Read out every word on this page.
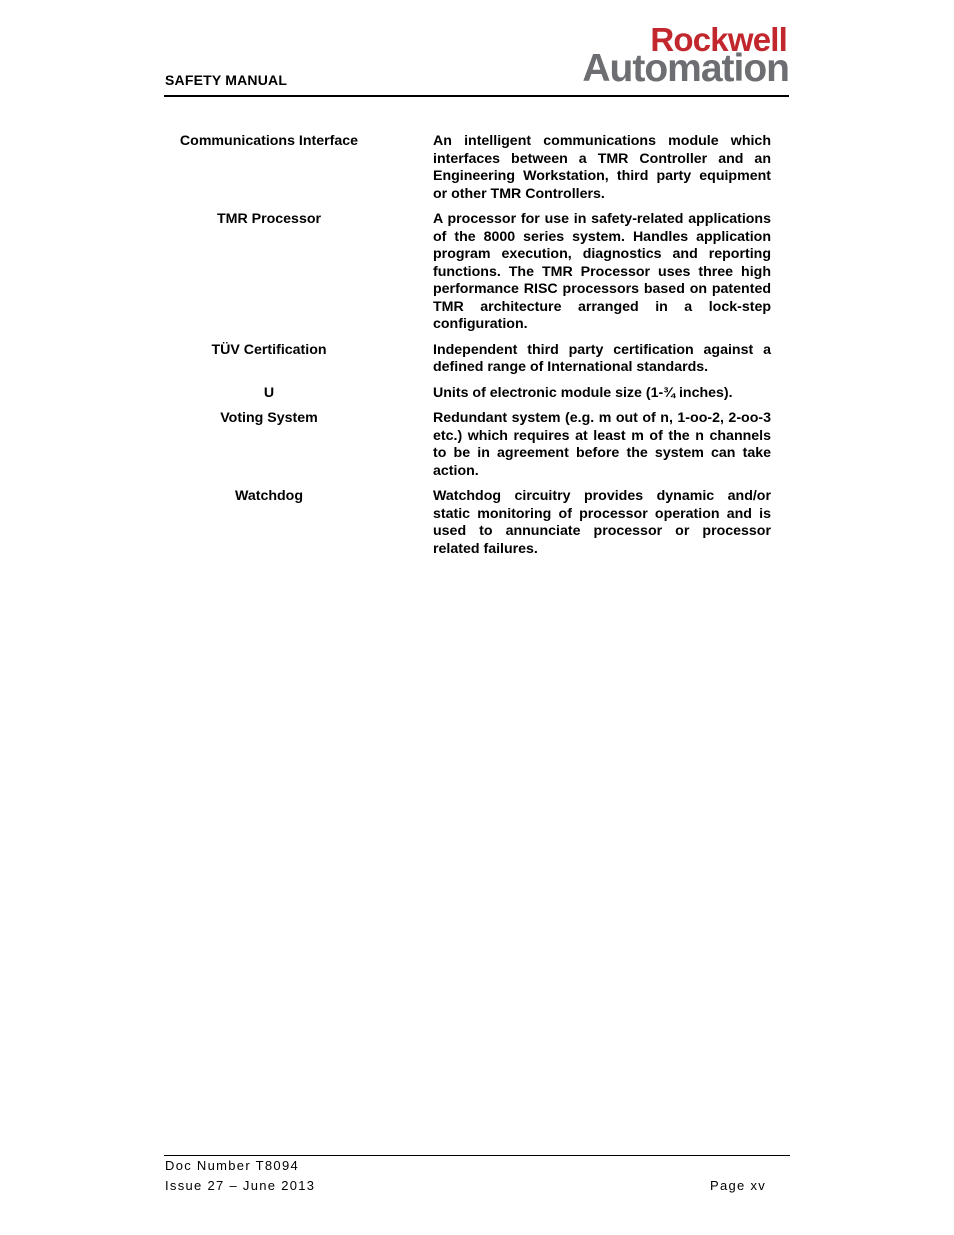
SAFETY MANUAL
Rockwell
Automation
Communications Interface	An intelligent communications module which interfaces between a TMR Controller and an Engineering Workstation, third party equipment or other TMR Controllers.
TMR Processor	A processor for use in safety-related applications of the 8000 series system. Handles application program execution, diagnostics and reporting functions. The TMR Processor uses three high performance RISC processors based on patented TMR architecture arranged in a lock-step configuration.
TÜV Certification	Independent third party certification against a defined range of International standards.
U	Units of electronic module size (1-¾ inches).
Voting System	Redundant system (e.g. m out of n, 1-oo-2, 2-oo-3 etc.) which requires at least m of the n channels to be in agreement before the system can take action.
Watchdog	Watchdog circuitry provides dynamic and/or static monitoring of processor operation and is used to annunciate processor or processor related failures.
Doc Number T8094
Issue 27 – June 2013	Page xv
